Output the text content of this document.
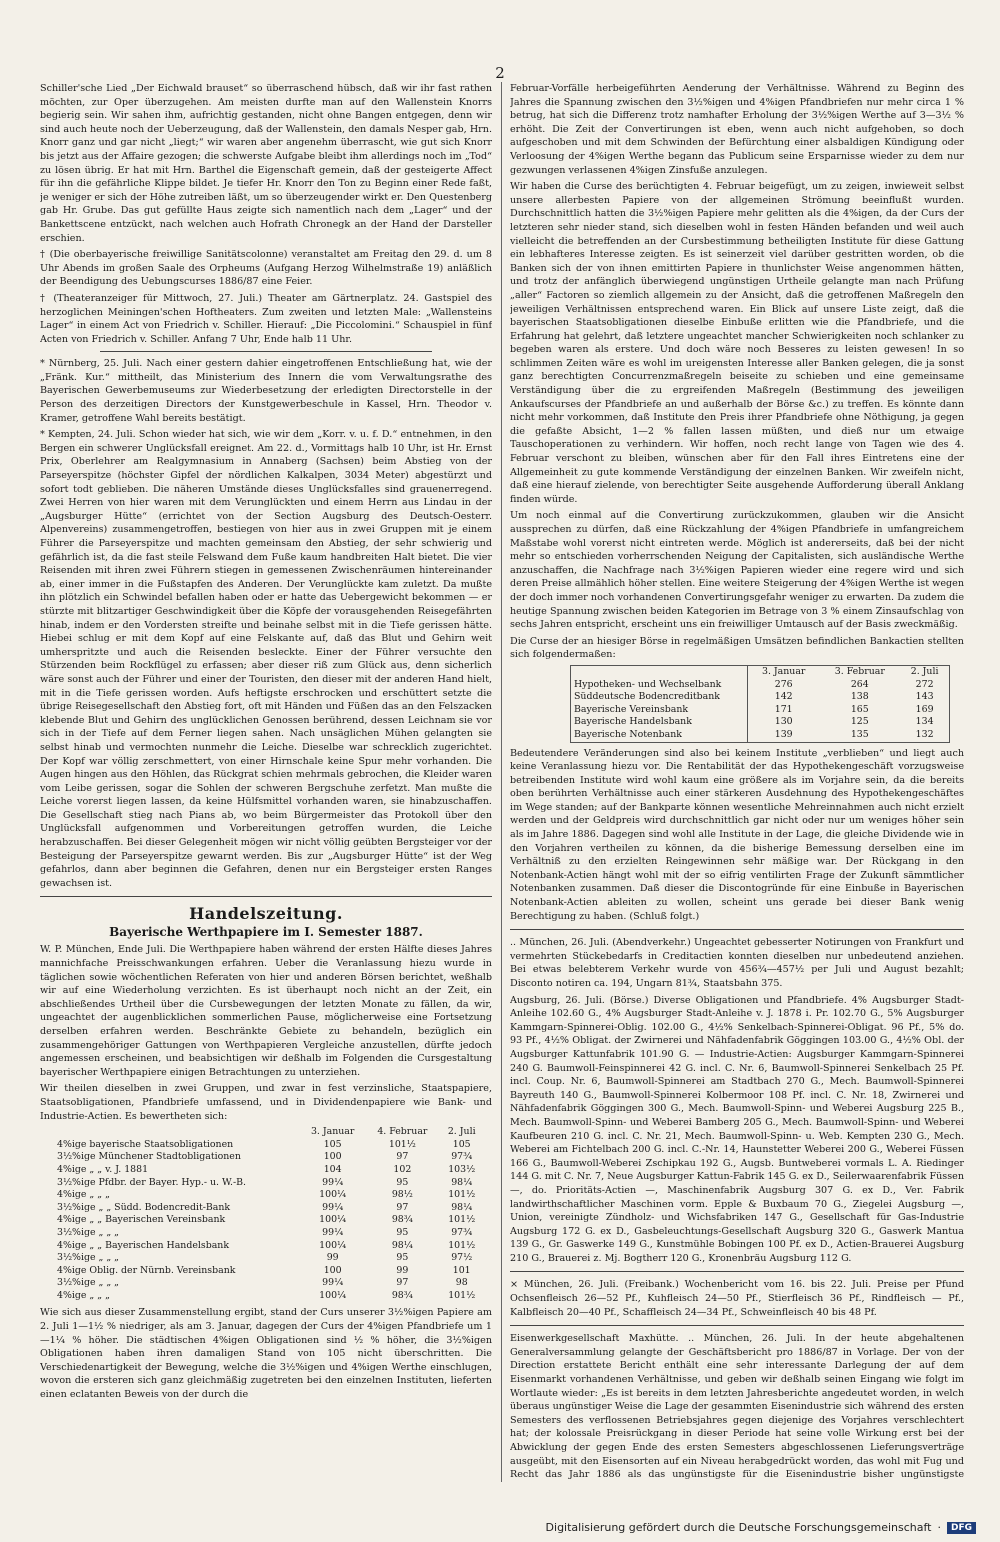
2

Schiller'sche Lied „Der Eichwald brauset“ so überraschend hübsch, daß wir ihr fast rathen möchten, zur Oper überzugehen. Am meisten durfte man auf den Wallenstein Knorrs begierig sein. Wir sahen ihm, aufrichtig gestanden, nicht ohne Bangen entgegen, denn wir sind auch heute noch der Ueberzeugung, daß der Wallenstein, den damals Nesper gab, Hrn. Knorr ganz und gar nicht „liegt;“ wir waren aber angenehm überrascht, wie gut sich Knorr bis jetzt aus der Affaire gezogen; die schwerste Aufgabe bleibt ihm allerdings noch im „Tod“ zu lösen übrig. Er hat mit Hrn. Barthel die Eigenschaft gemein, daß der gesteigerte Affect für ihn die gefährliche Klippe bildet. Je tiefer Hr. Knorr den Ton zu Beginn einer Rede faßt, je weniger er sich der Höhe zutreiben läßt, um so überzeugender wirkt er. Den Questenberg gab Hr. Grube. Das gut gefüllte Haus zeigte sich namentlich nach dem „Lager“ und der Bankettscene entzückt, nach welchen auch Hofrath Chronegk an der Hand der Darsteller erschien.

† (Die oberbayerische freiwillige Sanitätscolonne) veranstaltet am Freitag den 29. d. um 8 Uhr Abends im großen Saale des Orpheums (Aufgang Herzog Wilhelmstraße 19) anläßlich der Beendigung des Uebungscurses 1886/87 eine Feier.

† (Theateranzeiger für Mittwoch, 27. Juli.) Theater am Gärtnerplatz. 24. Gastspiel des herzoglichen Meiningen'schen Hoftheaters. Zum zweiten und letzten Male: „Wallensteins Lager“ in einem Act von Friedrich v. Schiller. Hierauf: „Die Piccolomini.“ Schauspiel in fünf Acten von Friedrich v. Schiller. Anfang 7 Uhr, Ende halb 11 Uhr.

* Nürnberg, 25. Juli. Nach einer gestern dahier eingetroffenen Entschließung hat, wie der „Fränk. Kur.“ mittheilt, das Ministerium des Innern die vom Verwaltungsrathe des Bayerischen Gewerbemuseums zur Wiederbesetzung der erledigten Directorstelle in der Person des derzeitigen Directors der Kunstgewerbeschule in Kassel, Hrn. Theodor v. Kramer, getroffene Wahl bereits bestätigt.

* Kempten, 24. Juli. Schon wieder hat sich, wie wir dem „Korr. v. u. f. D.“ entnehmen, in den Bergen ein schwerer Unglücksfall ereignet. Am 22. d., Vormittags halb 10 Uhr, ist Hr. Ernst Prix, Oberlehrer am Realgymnasium in Annaberg (Sachsen) beim Abstieg von der Parseyerspitze (höchster Gipfel der nördlichen Kalkalpen, 3034 Meter) abgestürzt und sofort todt geblieben. Die näheren Umstände dieses Unglücksfalles sind grauenerregend. Zwei Herren von hier waren mit dem Verunglückten und einem Herrn aus Lindau in der „Augsburger Hütte“ (errichtet von der Section Augsburg des Deutsch-Oesterr. Alpenvereins) zusammengetroffen, bestiegen von hier aus in zwei Gruppen mit je einem Führer die Parseyerspitze und machten gemeinsam den Abstieg, der sehr schwierig und gefährlich ist, da die fast steile Felswand dem Fuße kaum handbreiten Halt bietet. Die vier Reisenden mit ihren zwei Führern stiegen in gemessenen Zwischenräumen hintereinander ab, einer immer in die Fußstapfen des Anderen. Der Verunglückte kam zuletzt. Da mußte ihn plötzlich ein Schwindel befallen haben oder er hatte das Uebergewicht bekommen — er stürzte mit blitzartiger Geschwindigkeit über die Köpfe der vorausgehenden Reisegefährten hinab, indem er den Vordersten streifte und beinahe selbst mit in die Tiefe gerissen hätte. Hiebei schlug er mit dem Kopf auf eine Felskante auf, daß das Blut und Gehirn weit umherspritzte und auch die Reisenden besleckte. Einer der Führer versuchte den Stürzenden beim Rockflügel zu erfassen; aber dieser riß zum Glück aus, denn sicherlich wäre sonst auch der Führer und einer der Touristen, den dieser mit der anderen Hand hielt, mit in die Tiefe gerissen worden. Aufs heftigste erschrocken und erschüttert setzte die übrige Reisegesellschaft den Abstieg fort, oft mit Händen und Füßen das an den Felszacken klebende Blut und Gehirn des unglücklichen Genossen berührend, dessen Leichnam sie vor sich in der Tiefe auf dem Ferner liegen sahen. Nach unsäglichen Mühen gelangten sie selbst hinab und vermochten nunmehr die Leiche. Dieselbe war schrecklich zugerichtet. Der Kopf war völlig zerschmettert, von einer Hirnschale keine Spur mehr vorhanden. Die Augen hingen aus den Höhlen, das Rückgrat schien mehrmals gebrochen, die Kleider waren vom Leibe gerissen, sogar die Sohlen der schweren Bergschuhe zerfetzt. Man mußte die Leiche vorerst liegen lassen, da keine Hülfsmittel vorhanden waren, sie hinabzuschaffen. Die Gesellschaft stieg nach Pians ab, wo beim Bürgermeister das Protokoll über den Unglücksfall aufgenommen und Vorbereitungen getroffen wurden, die Leiche herabzuschaffen. Bei dieser Gelegenheit mögen wir nicht völlig geübten Bergsteiger vor der Besteigung der Parseyerspitze gewarnt werden. Bis zur „Augsburger Hütte“ ist der Weg gefahrlos, dann aber beginnen die Gefahren, denen nur ein Bergsteiger ersten Ranges gewachsen ist.

Handelszeitung.
Bayerische Werthpapiere im I. Semester 1887.

W. P. München, Ende Juli. Die Werthpapiere haben während der ersten Hälfte dieses Jahres mannichfache Preisschwankungen erfahren. Ueber die Veranlassung hiezu wurde in täglichen sowie wöchentlichen Referaten von hier und anderen Börsen berichtet, weßhalb wir auf eine Wiederholung verzichten. Es ist überhaupt noch nicht an der Zeit, ein abschließendes Urtheil über die Cursbewegungen der letzten Monate zu fällen, da wir, ungeachtet der augenblicklichen sommerlichen Pause, möglicherweise eine Fortsetzung derselben erfahren werden. Beschränkte Gebiete zu behandeln, bezüglich ein zusammengehöriger Gattungen von Werthpapieren Vergleiche anzustellen, dürfte jedoch angemessen erscheinen, und beabsichtigen wir deßhalb im Folgenden die Cursgestaltung bayerischer Werthpapiere einigen Betrachtungen zu unterziehen.

Wir theilen dieselben in zwei Gruppen, und zwar in fest verzinsliche, Staatspapiere, Staatsobligationen, Pfandbriefe umfassend, und in Dividendenpapiere wie Bank- und Industrie-Actien. Es bewertheten sich:

	3. Januar	4. Februar	2. Juli
4%ige bayerische Staatsobligationen	105	101½	105
3½%ige Münchener Stadtobligationen	100	97	97¾
4%ige „ „ v. J. 1881	104	102	103½
3½%ige Pfdbr. der Bayer. Hyp.- u. W.-B.	99¼	95	98¼
4%ige „ „ „	100¼	98½	101½
3½%ige „ „ Südd. Bodencredit-Bank	99¼	97	98¼
4%ige „ „ Bayerischen Vereinsbank	100¼	98¾	101½
3½%ige „ „ „	99¼	95	97¾
4%ige „ „ Bayerischen Handelsbank	100¼	98¼	101½
3½%ige „ „ „	99	95	97½
4%ige Oblig. der Nürnb. Vereinsbank	100	99	101
3½%ige „ „ „	99¼	97	98
4%ige „ „ „	100¼	98¾	101½

Wie sich aus dieser Zusammenstellung ergibt, stand der Curs unserer 3½%igen Papiere am 2. Juli 1—1½ % niedriger, als am 3. Januar, dagegen der Curs der 4%igen Pfandbriefe um 1—1¼ % höher. Die städtischen 4%igen Obligationen sind ½ % höher, die 3½%igen Obligationen haben ihren damaligen Stand von 105 nicht überschritten. Die Verschiedenartigkeit der Bewegung, welche die 3½%igen und 4%igen Werthe einschlugen, wovon die ersteren sich ganz gleichmäßig zugetreten bei den einzelnen Instituten, lieferten einen eclatanten Beweis von der durch die

Februar-Vorfälle herbeigeführten Aenderung der Verhältnisse. Während zu Beginn des Jahres die Spannung zwischen den 3½%igen und 4%igen Pfandbriefen nur mehr circa 1 % betrug, hat sich die Differenz trotz namhafter Erholung der 3½%igen Werthe auf 3—3½ % erhöht. Die Zeit der Convertirungen ist eben, wenn auch nicht aufgehoben, so doch aufgeschoben und mit dem Schwinden der Befürchtung einer alsbaldigen Kündigung oder Verloosung der 4%igen Werthe begann das Publicum seine Ersparnisse wieder zu dem nur gezwungen verlassenen 4%igen Zinsfuße anzulegen.

Wir haben die Curse des berüchtigten 4. Februar beigefügt, um zu zeigen, inwieweit selbst unsere allerbesten Papiere von der allgemeinen Strömung beeinflußt wurden. Durchschnittlich hatten die 3½%igen Papiere mehr gelitten als die 4%igen, da der Curs der letzteren sehr nieder stand, sich dieselben wohl in festen Händen befanden und weil auch vielleicht die betreffenden an der Cursbestimmung betheiligten Institute für diese Gattung ein lebhafteres Interesse zeigten. Es ist seinerzeit viel darüber gestritten worden, ob die Banken sich der von ihnen emittirten Papiere in thunlichster Weise angenommen hätten, und trotz der anfänglich überwiegend ungünstigen Urtheile gelangte man nach Prüfung „aller“ Factoren so ziemlich allgemein zu der Ansicht, daß die getroffenen Maßregeln den jeweiligen Verhältnissen entsprechend waren. Ein Blick auf unsere Liste zeigt, daß die bayerischen Staatsobligationen dieselbe Einbuße erlitten wie die Pfandbriefe, und die Erfahrung hat gelehrt, daß letztere ungeachtet mancher Schwierigkeiten noch schlanker zu begeben waren als erstere. Und doch wäre noch Besseres zu leisten gewesen! In so schlimmen Zeiten wäre es wohl im ureigensten Interesse aller Banken gelegen, die ja sonst ganz berechtigten Concurrenzmaßregeln beiseite zu schieben und eine gemeinsame Verständigung über die zu ergreifenden Maßregeln (Bestimmung des jeweiligen Ankaufscurses der Pfandbriefe an und außerhalb der Börse &c.) zu treffen. Es könnte dann nicht mehr vorkommen, daß Institute den Preis ihrer Pfandbriefe ohne Nöthigung, ja gegen die gefaßte Absicht, 1—2 % fallen lassen müßten, und dieß nur um etwaige Tauschoperationen zu verhindern. Wir hoffen, noch recht lange von Tagen wie des 4. Februar verschont zu bleiben, wünschen aber für den Fall ihres Eintretens eine der Allgemeinheit zu gute kommende Verständigung der einzelnen Banken. Wir zweifeln nicht, daß eine hierauf zielende, von berechtigter Seite ausgehende Aufforderung überall Anklang finden würde.

Um noch einmal auf die Convertirung zurückzukommen, glauben wir die Ansicht aussprechen zu dürfen, daß eine Rückzahlung der 4%igen Pfandbriefe in umfangreichem Maßstabe wohl vorerst nicht eintreten werde. Möglich ist andererseits, daß bei der nicht mehr so entschieden vorherrschenden Neigung der Capitalisten, sich ausländische Werthe anzuschaffen, die Nachfrage nach 3½%igen Papieren wieder eine regere wird und sich deren Preise allmählich höher stellen. Eine weitere Steigerung der 4%igen Werthe ist wegen der doch immer noch vorhandenen Convertirungsgefahr weniger zu erwarten. Da zudem die heutige Spannung zwischen beiden Kategorien im Betrage von 3 % einem Zinsaufschlag von sechs Jahren entspricht, erscheint uns ein freiwilliger Umtausch auf der Basis zweckmäßig.

Die Curse der an hiesiger Börse in regelmäßigen Umsätzen befindlichen Bankactien stellten sich folgendermaßen:

	3. Januar	3. Februar	2. Juli
Hypotheken- und Wechselbank	276	264	272
Süddeutsche Bodencreditbank	142	138	143
Bayerische Vereinsbank	171	165	169
Bayerische Handelsbank	130	125	134
Bayerische Notenbank	139	135	132

Bedeutendere Veränderungen sind also bei keinem Institute „verblieben“ und liegt auch keine Veranlassung hiezu vor. Die Rentabilität der das Hypothekengeschäft vorzugsweise betreibenden Institute wird wohl kaum eine größere als im Vorjahre sein, da die bereits oben berührten Verhältnisse auch einer stärkeren Ausdehnung des Hypothekengeschäftes im Wege standen; auf der Bankparte können wesentliche Mehreinnahmen auch nicht erzielt werden und der Geldpreis wird durchschnittlich gar nicht oder nur um weniges höher sein als im Jahre 1886. Dagegen sind wohl alle Institute in der Lage, die gleiche Dividende wie in den Vorjahren vertheilen zu können, da die bisherige Bemessung derselben eine im Verhältniß zu den erzielten Reingewinnen sehr mäßige war. Der Rückgang in den Notenbank-Actien hängt wohl mit der so eifrig ventilirten Frage der Zukunft sämmtlicher Notenbanken zusammen. Daß dieser die Discontogründe für eine Einbuße in Bayerischen Notenbank-Actien ableiten zu wollen, scheint uns gerade bei dieser Bank wenig Berechtigung zu haben. (Schluß folgt.)

.. München, 26. Juli. (Abendverkehr.) Ungeachtet gebesserter Notirungen von Frankfurt und vermehrten Stückebedarfs in Creditactien konnten dieselben nur unbedeutend anziehen. Bei etwas belebterem Verkehr wurde von 456¾—457½ per Juli und August bezahlt; Disconto notiren ca. 194, Ungarn 81¾, Staatsbahn 375.

Augsburg, 26. Juli. (Börse.) Diverse Obligationen und Pfandbriefe. 4% Augsburger Stadt-Anleihe 102.60 G., 4% Augsburger Stadt-Anleihe v. J. 1878 i. Pr. 102.70 G., 5% Augsburger Kammgarn-Spinnerei-Oblig. 102.00 G., 4½% Senkelbach-Spinnerei-Obligat. 96 Pf., 5% do. 93 Pf., 4½% Obligat. der Zwirnerei und Nähfadenfabrik Göggingen 103.00 G., 4½% Obl. der Augsburger Kattunfabrik 101.90 G. — Industrie-Actien: Augsburger Kammgarn-Spinnerei 240 G. Baumwoll-Feinspinnerei 42 G. incl. C. Nr. 6, Baumwoll-Spinnerei Senkelbach 25 Pf. incl. Coup. Nr. 6, Baumwoll-Spinnerei am Stadtbach 270 G., Mech. Baumwoll-Spinnerei Bayreuth 140 G., Baumwoll-Spinnerei Kolbermoor 108 Pf. incl. C. Nr. 18, Zwirnerei und Nähfadenfabrik Göggingen 300 G., Mech. Baumwoll-Spinn- und Weberei Augsburg 225 B., Mech. Baumwoll-Spinn- und Weberei Bamberg 205 G., Mech. Baumwoll-Spinn- und Weberei Kaufbeuren 210 G. incl. C. Nr. 21, Mech. Baumwoll-Spinn- u. Web. Kempten 230 G., Mech. Weberei am Fichtelbach 200 G. incl. C.-Nr. 14, Haunstetter Weberei 200 G., Weberei Füssen 166 G., Baumwoll-Weberei Zschipkau 192 G., Augsb. Buntweberei vormals L. A. Riedinger 144 G. mit C. Nr. 7, Neue Augsburger Kattun-Fabrik 145 G. ex D., Seilerwaarenfabrik Füssen —, do. Prioritäts-Actien —, Maschinenfabrik Augsburg 307 G. ex D., Ver. Fabrik landwirthschaftlicher Maschinen vorm. Epple & Buxbaum 70 G., Ziegelei Augsburg —, Union, vereinigte Zündholz- und Wichsfabriken 147 G., Gesellschaft für Gas-Industrie Augsburg 172 G. ex D., Gasbeleuchtungs-Gesellschaft Augsburg 320 G., Gaswerk Mantua 139 G., Gr. Gaswerke 149 G., Kunstmühle Bobingen 100 Pf. ex D., Actien-Brauerei Augsburg 210 G., Brauerei z. Mj. Bogtherr 120 G., Kronenbräu Augsburg 112 G.

× München, 26. Juli. (Freibank.) Wochenbericht vom 16. bis 22. Juli. Preise per Pfund Ochsenfleisch 26—52 Pf., Kuhfleisch 24—50 Pf., Stierfleisch 36 Pf., Rindfleisch — Pf., Kalbfleisch 20—40 Pf., Schaffleisch 24—34 Pf., Schweinfleisch 40 bis 48 Pf.

Eisenwerkgesellschaft Maxhütte. .. München, 26. Juli. In der heute abgehaltenen Generalversammlung gelangte der Geschäftsbericht pro 1886/87 in Vorlage. Der von der Direction erstattete Bericht enthält eine sehr interessante Darlegung der auf dem Eisenmarkt vorhandenen Verhältnisse, und geben wir deßhalb seinen Eingang wie folgt im Wortlaute wieder: „Es ist bereits in dem letzten Jahresberichte angedeutet worden, in welch überaus ungünstiger Weise die Lage der gesammten Eisenindustrie sich während des ersten Semesters des verflossenen Betriebsjahres gegen diejenige des Vorjahres verschlechtert hat; der kolossale Preisrückgang in dieser Periode hat seine volle Wirkung erst bei der Abwicklung der gegen Ende des ersten Semesters abgeschlossenen Lieferungsverträge ausgeübt, mit den Eisensorten auf ein Niveau herabgedrückt worden, das wohl mit Fug und Recht das Jahr 1886 als das ungünstigste für die Eisenindustrie bisher ungünstigste

Digitalisierung gefördert durch die Deutsche Forschungsgemeinschaft ·	DFG
